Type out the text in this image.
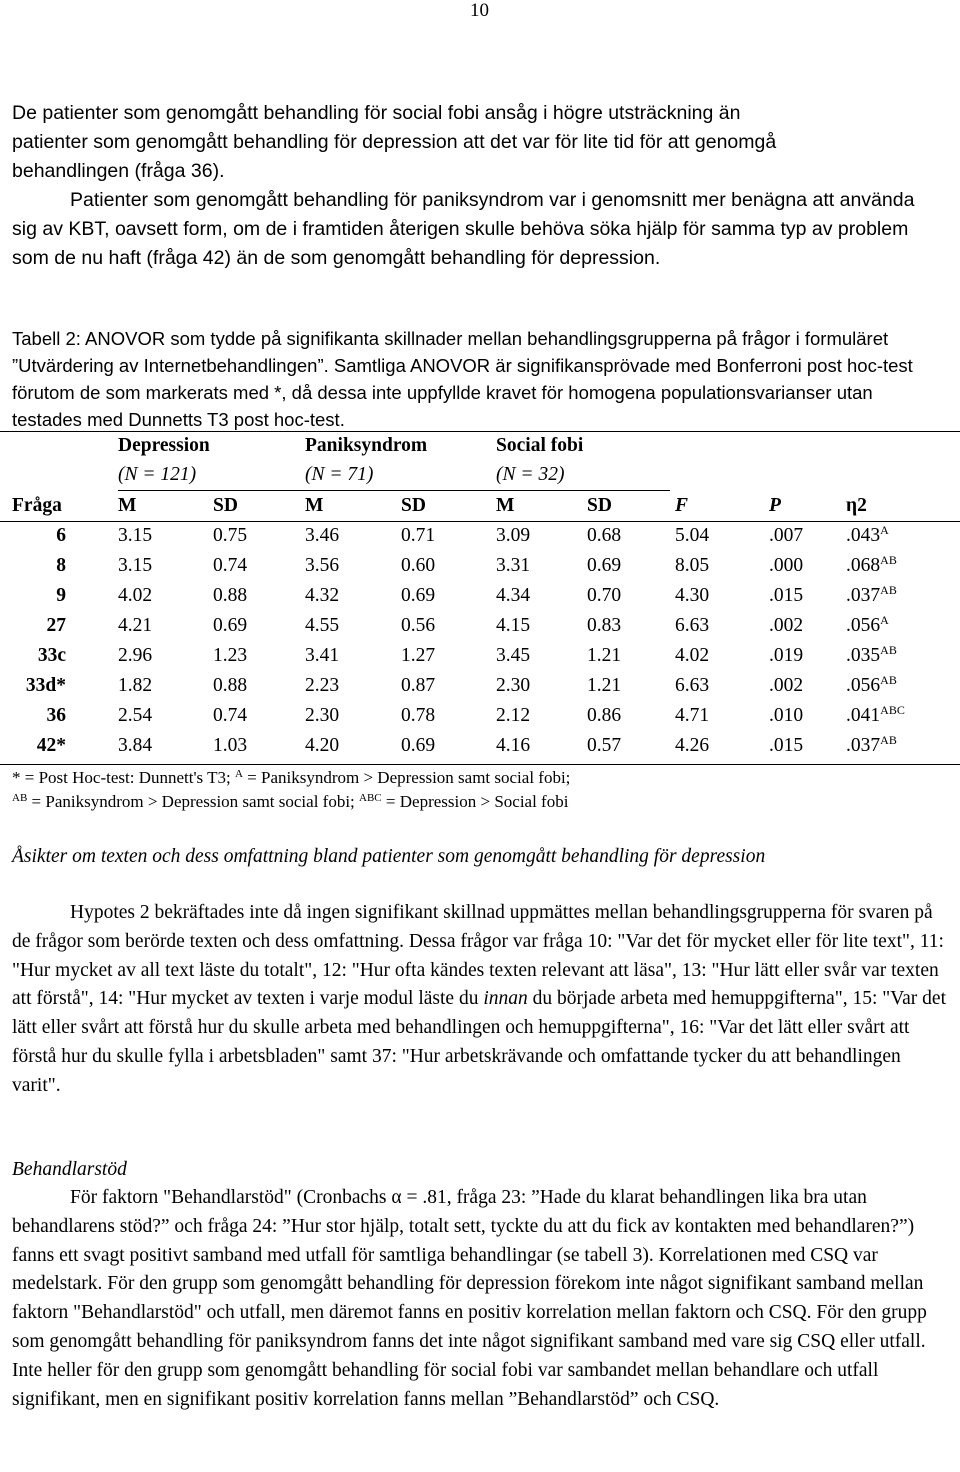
10
De patienter som genomgått behandling för social fobi ansåg i högre utsträckning än
patienter som genomgått behandling för depression att det var för lite tid för att genomgå
behandlingen (fråga 36).
Patienter som genomgått behandling för paniksyndrom var i genomsnitt mer benägna att använda sig av KBT, oavsett form, om de i framtiden återigen skulle behöva söka hjälp för samma typ av problem som de nu haft (fråga 42) än de som genomgått behandling för depression.

Tabell 2: ANOVOR som tydde på signifikanta skillnader mellan behandlingsgrupperna på frågor i formuläret ”Utvärdering av Internetbehandlingen”. Samtliga ANOVOR är signifikansprövade med Bonferroni post hoc-test förutom de som markerats med *, då dessa inte uppfyllde kravet för homogena populationsvarianser utan testades med Dunnetts T3 post hoc-test.

	Depression		Paniksyndrom		Social fobi				
	(N = 121)		(N = 71)		(N = 32)				
Fråga	M	SD	M	SD	M	SD	F	P	η2
6	3.15	0.75	3.46	0.71	3.09	0.68	5.04	.007	$.043^A$
8	3.15	0.74	3.56	0.60	3.31	0.69	8.05	.000	$.068^{AB}$
9	4.02	0.88	4.32	0.69	4.34	0.70	4.30	.015	$.037^{AB}$
27	4.21	0.69	4.55	0.56	4.15	0.83	6.63	.002	$.056^A$
33c	2.96	1.23	3.41	1.27	3.45	1.21	4.02	.019	$.035^{AB}$
33d*	1.82	0.88	2.23	0.87	2.30	1.21	6.63	.002	$.056^{AB}$
36	2.54	0.74	2.30	0.78	2.12	0.86	4.71	.010	$.041^{ABC}$
42*	3.84	1.03	4.20	0.69	4.16	0.57	4.26	.015	$.037^{AB}$
* = Post Hoc-test: Dunnett's T3; $^A$ = Paniksyndrom > Depression samt social fobi;
$^{AB}$ = Paniksyndrom > Depression samt social fobi; $^{ABC}$ = Depression > Social fobi

Åsikter om texten och dess omfattning bland patienter som genomgått behandling för depression

Hypotes 2 bekräftades inte då ingen signifikant skillnad uppmättes mellan behandlingsgrupperna för svaren på de frågor som berörde texten och dess omfattning. Dessa frågor var fråga 10: "Var det för mycket eller för lite text", 11: "Hur mycket av all text läste du totalt", 12: "Hur ofta kändes texten relevant att läsa", 13: "Hur lätt eller svår var texten att förstå", 14: "Hur mycket av texten i varje modul läste du innan du började arbeta med hemuppgifterna", 15: "Var det lätt eller svårt att förstå hur du skulle arbeta med behandlingen och hemuppgifterna", 16: "Var det lätt eller svårt att förstå hur du skulle fylla i arbetsbladen" samt 37: "Hur arbetskrävande och omfattande tycker du att behandlingen varit".

Behandlarstöd

För faktorn "Behandlarstöd" (Cronbachs α = .81, fråga 23: ”Hade du klarat behandlingen lika bra utan behandlarens stöd?” och fråga 24: ”Hur stor hjälp, totalt sett, tyckte du att du fick av kontakten med behandlaren?”) fanns ett svagt positivt samband med utfall för samtliga behandlingar (se tabell 3). Korrelationen med CSQ var medelstark. För den grupp som genomgått behandling för depression förekom inte något signifikant samband mellan faktorn "Behandlarstöd" och utfall, men däremot fanns en positiv korrelation mellan faktorn och CSQ. För den grupp som genomgått behandling för paniksyndrom fanns det inte något signifikant samband med vare sig CSQ eller utfall. Inte heller för den grupp som genomgått behandling för social fobi var sambandet mellan behandlare och utfall signifikant, men en signifikant positiv korrelation fanns mellan ”Behandlarstöd” och CSQ.
